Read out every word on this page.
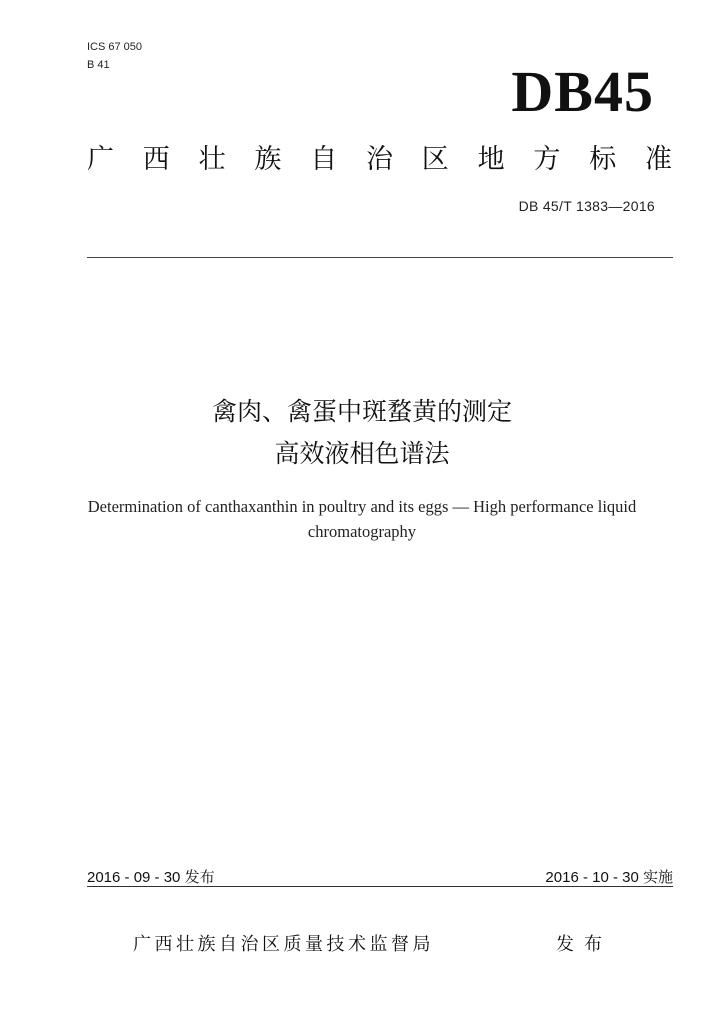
ICS 67 050
B 41	DB45
广 西 壮 族 自 治 区 地 方 标 准
DB 45/T 1383—2016
禽肉、禽蛋中斑蝥黄的测定
高效液相色谱法
Determination of canthaxanthin in poultry and its eggs — High performance liquid chromatography
2016 - 09 - 30 发布	2016 - 10 - 30 实施
广西壮族自治区质量技术监督局	发布
